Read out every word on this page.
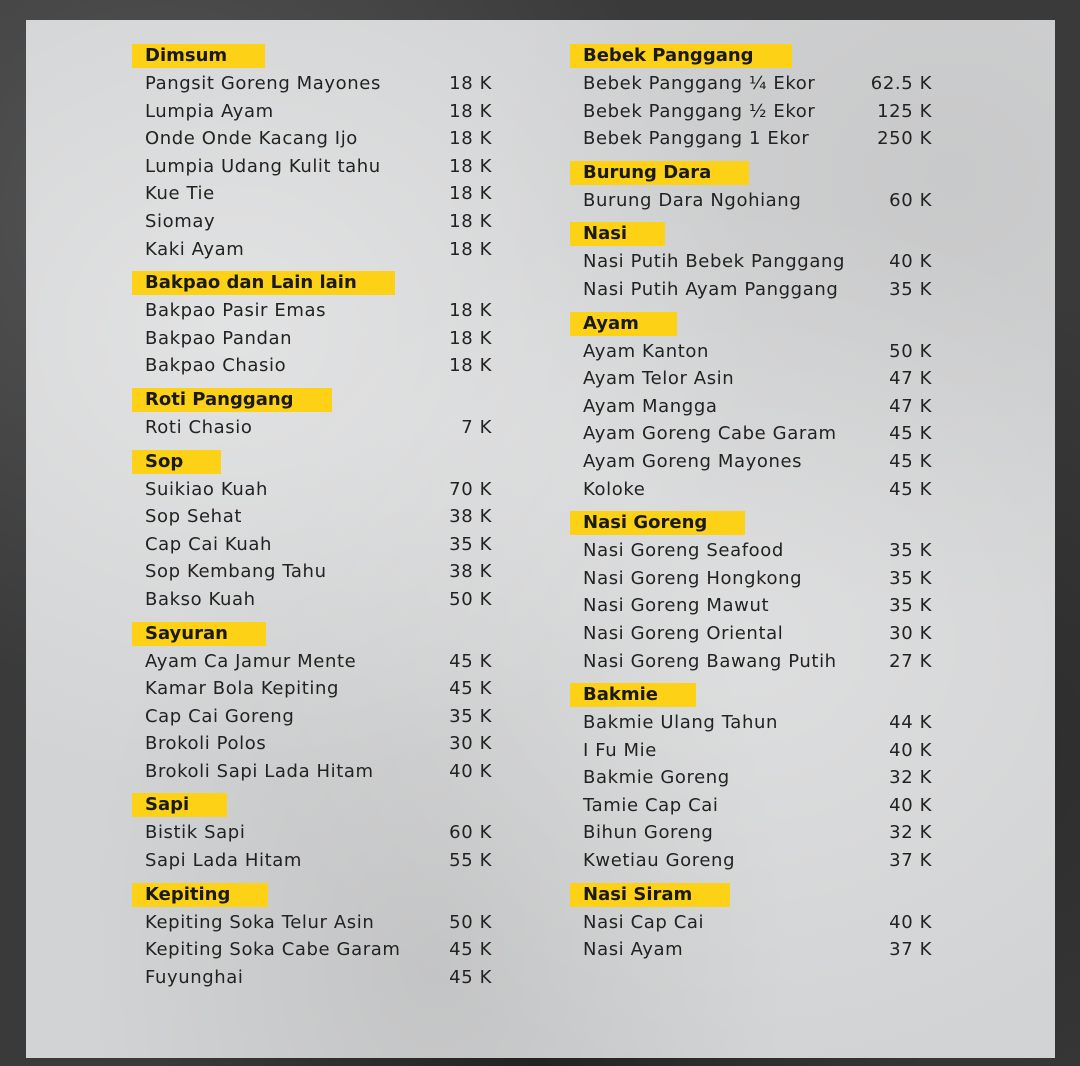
Dimsum
Pangsit Goreng Mayones	18 K
Lumpia Ayam	18 K
Onde Onde Kacang Ijo	18 K
Lumpia Udang Kulit tahu	18 K
Kue Tie	18 K
Siomay	18 K
Kaki Ayam	18 K
Bakpao dan Lain lain
Bakpao Pasir Emas	18 K
Bakpao Pandan	18 K
Bakpao Chasio	18 K
Roti Panggang
Roti Chasio	7 K
Sop
Suikiao Kuah	70 K
Sop Sehat	38 K
Cap Cai Kuah	35 K
Sop Kembang Tahu	38 K
Bakso Kuah	50 K
Sayuran
Ayam Ca Jamur Mente	45 K
Kamar Bola Kepiting	45 K
Cap Cai Goreng	35 K
Brokoli Polos	30 K
Brokoli Sapi Lada Hitam	40 K
Sapi
Bistik Sapi	60 K
Sapi Lada Hitam	55 K
Kepiting
Kepiting Soka Telur Asin	50 K
Kepiting Soka Cabe Garam	45 K
Fuyunghai	45 K
Bebek Panggang
Bebek Panggang ¼ Ekor	62.5 K
Bebek Panggang ½ Ekor	125 K
Bebek Panggang 1 Ekor	250 K
Burung Dara
Burung Dara Ngohiang	60 K
Nasi
Nasi Putih Bebek Panggang 40 K
Nasi Putih Ayam Panggang	35 K
Ayam
Ayam Kanton	50 K
Ayam Telor Asin	47 K
Ayam Mangga	47 K
Ayam Goreng Cabe Garam	45 K
Ayam Goreng Mayones	45 K
Koloke	45 K
Nasi Goreng
Nasi Goreng Seafood	35 K
Nasi Goreng Hongkong	35 K
Nasi Goreng Mawut	35 K
Nasi Goreng Oriental	30 K
Nasi Goreng Bawang Putih	27 K
Bakmie
Bakmie Ulang Tahun	44 K
I Fu Mie	40 K
Bakmie Goreng	32 K
Tamie Cap Cai	40 K
Bihun Goreng	32 K
Kwetiau Goreng	37 K
Nasi Siram
Nasi Cap Cai	40 K
Nasi Ayam	37 K
